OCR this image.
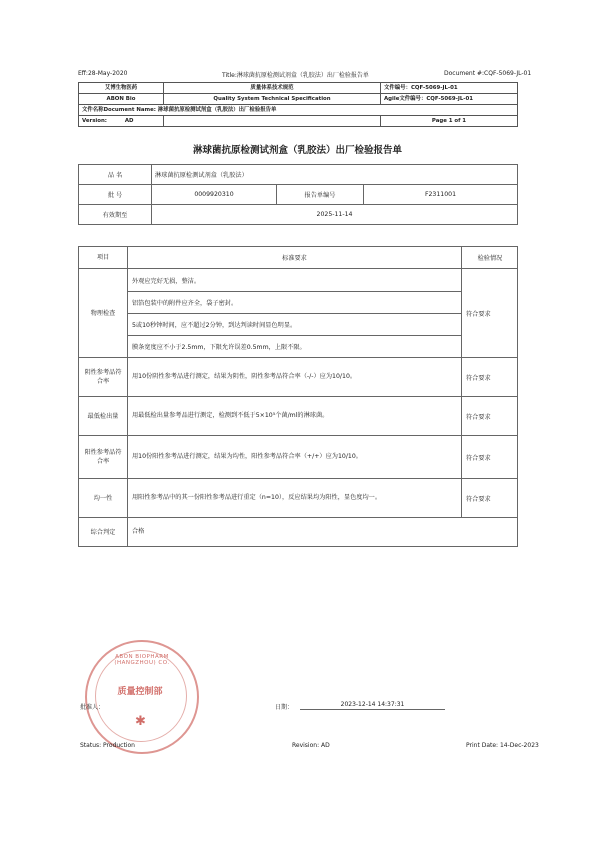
Eff:28-May-2020	Title:淋球菌抗原检测试剂盒（乳胶法）出厂检验报告单	Document #:CQF-5069-JL-01
艾博生物医药	质量体系技术规范	文件编号：CQF-5069-JL-01
ABON Bio	Quality System Technical Specification	Agile文件编号：CQF-5069-JL-01
文件名称Document Name: 淋球菌抗原检测试剂盒（乳胶法）出厂检验报告单		
Version: AD		Page 1 of 1
淋球菌抗原检测试剂盒（乳胶法）出厂检验报告单
品 名	淋球菌抗原检测试剂盒（乳胶法）		
批 号	0009920310	报告单编号	F2311001
有效期至	2025-11-14		
项目	标准要求	检验情况
物理检查	外观应完好无损，整洁。
铝箔包装中的附件应齐全，袋子密封。
5或10秒钟时间，应不超过2分钟，到达判读时间显色明显。
膜条宽度应不小于2.5mm，下限允许误差0.5mm，上限不限。	符合要求
阴性参考品符合率	用10份阴性参考品进行测定，结果为阴性，阴性参考品符合率（-/-）应为10/10。	符合要求
最低检出量	用最低检出量参考品进行测定，检测到不低于5×10⁵个菌/ml的淋球菌。	符合要求
阳性参考品符合率	用10份阳性参考品进行测定，结果为均性，阳性参考品符合率（+/+）应为10/10。	符合要求
均一性	用阳性参考品中的其一份阳性参考品进行重定（n=10），反应结果均为阳性，显色度均一。	符合要求
综合判定	合格	
ABON BIOPHARM (HANGZHOU) CO.
质量控制部
✱
批准人：	日期：	2023-12-14 14:37:31
Status: Production	Revision: AD	Print Date: 14-Dec-2023
